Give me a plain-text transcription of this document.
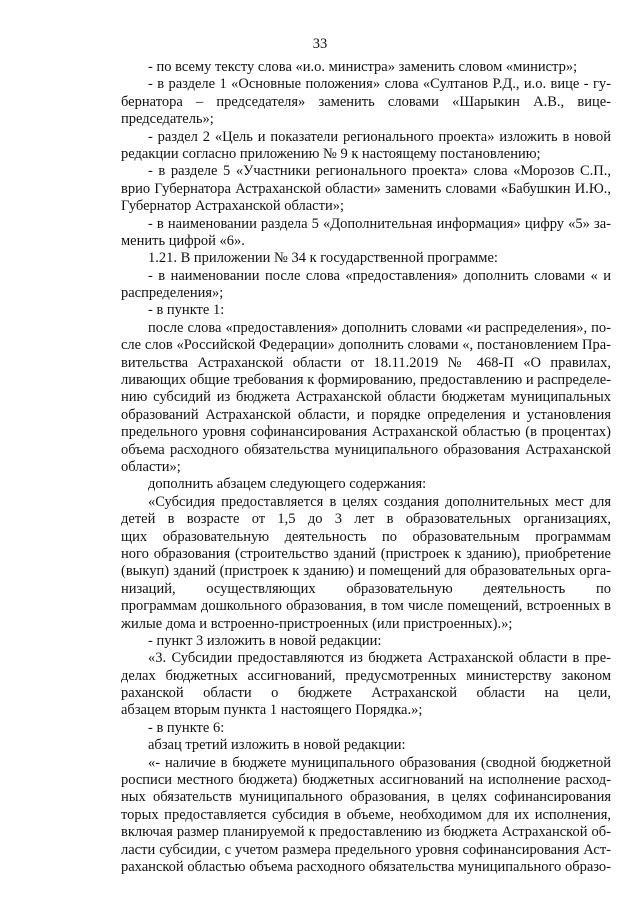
33
- по всему тексту слова «и.о. министра» заменить словом «министр»;
- в разделе 1 «Основные положения» слова «Султанов Р.Д., и.о. вице - гу-
бернатора – председателя» заменить словами «Шарыкин А.В., вице-
председатель»;
- раздел 2 «Цель и показатели регионального проекта» изложить в новой
редакции согласно приложению № 9 к настоящему постановлению;
- в разделе 5 «Участники регионального проекта» слова «Морозов С.П.,
врио Губернатора Астраханской области» заменить словами «Бабушкин И.Ю.,
Губернатор Астраханской области»;
- в наименовании раздела 5 «Дополнительная информация» цифру «5» за-
менить цифрой «6».
1.21. В приложении № 34 к государственной программе:
- в наименовании после слова «предоставления» дополнить словами « и
распределения»;
- в пункте 1:
после слова «предоставления» дополнить словами «и распределения», по-
сле слов «Российской Федерации» дополнить словами «, постановлением Пра-
вительства Астраханской области от 18.11.2019 № 468-П «О правилах,
ливающих общие требования к формированию, предоставлению и распределе-
нию субсидий из бюджета Астраханской области бюджетам муниципальных
образований Астраханской области, и порядке определения и установления
предельного уровня софинансирования Астраханской областью (в процентах)
объема расходного обязательства муниципального образования Астраханской
области»;
дополнить абзацем следующего содержания:
«Субсидия предоставляется в целях создания дополнительных мест для
детей в возрасте от 1,5 до 3 лет в образовательных организациях,
щих образовательную деятельность по образовательным программам
ного образования (строительство зданий (пристроек к зданию), приобретение
(выкуп) зданий (пристроек к зданию) и помещений для образовательных орга-
низаций, осуществляющих образовательную деятельность по
программам дошкольного образования, в том числе помещений, встроенных в
жилые дома и встроенно-пристроенных (или пристроенных).»;
- пункт 3 изложить в новой редакции:
«3. Субсидии предоставляются из бюджета Астраханской области в пре-
делах бюджетных ассигнований, предусмотренных министерству законом
раханской области о бюджете Астраханской области на цели,
абзацем вторым пункта 1 настоящего Порядка.»;
- в пункте 6:
абзац третий изложить в новой редакции:
«- наличие в бюджете муниципального образования (сводной бюджетной
росписи местного бюджета) бюджетных ассигнований на исполнение расход-
ных обязательств муниципального образования, в целях софинансирования
торых предоставляется субсидия в объеме, необходимом для их исполнения,
включая размер планируемой к предоставлению из бюджета Астраханской об-
ласти субсидии, с учетом размера предельного уровня софинансирования Аст-
раханской областью объема расходного обязательства муниципального образо-
